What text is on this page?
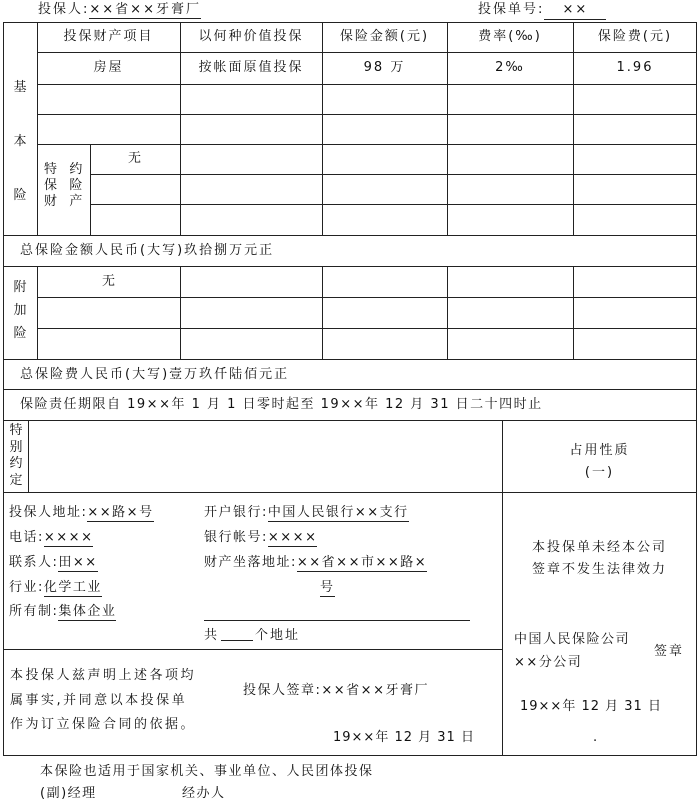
投保人:××省××牙膏厂	投保单号: ××
投保财产项目	以何种价值投保	保险金额(元)	费率(‰)	保险费(元)
基
本
险
房屋	按帐面原值投保	98 万	2‰	1.96
特 约
保 险
财 产
无
总保险金额人民币(大写)玖拾捌万元正
附
加
险
无
总保险费人民币(大写)壹万玖仟陆佰元正
保险责任期限自 19××年 1 月 1 日零时起至 19××年 12 月 31 日二十四时止
特
别
约
定
占用性质
(一)
投保人地址:××路×号
电话:××××
联系人:田××
行业:化学工业
所有制:集体企业
开户银行:中国人民银行××支行
银行帐号:××××
财产坐落地址:××省××市××路×
号
共	个地址
本投保单未经本公司
签章不发生法律效力
中国人民保险公司
××分公司
签章
19××年 12 月 31 日
.
本投保人兹声明上述各项均
属事实,并同意以本投保单
作为订立保险合同的依据。
投保人签章:××省××牙膏厂
19××年 12 月 31 日
本保险也适用于国家机关、事业单位、人民团体投保
(副)经理	经办人
